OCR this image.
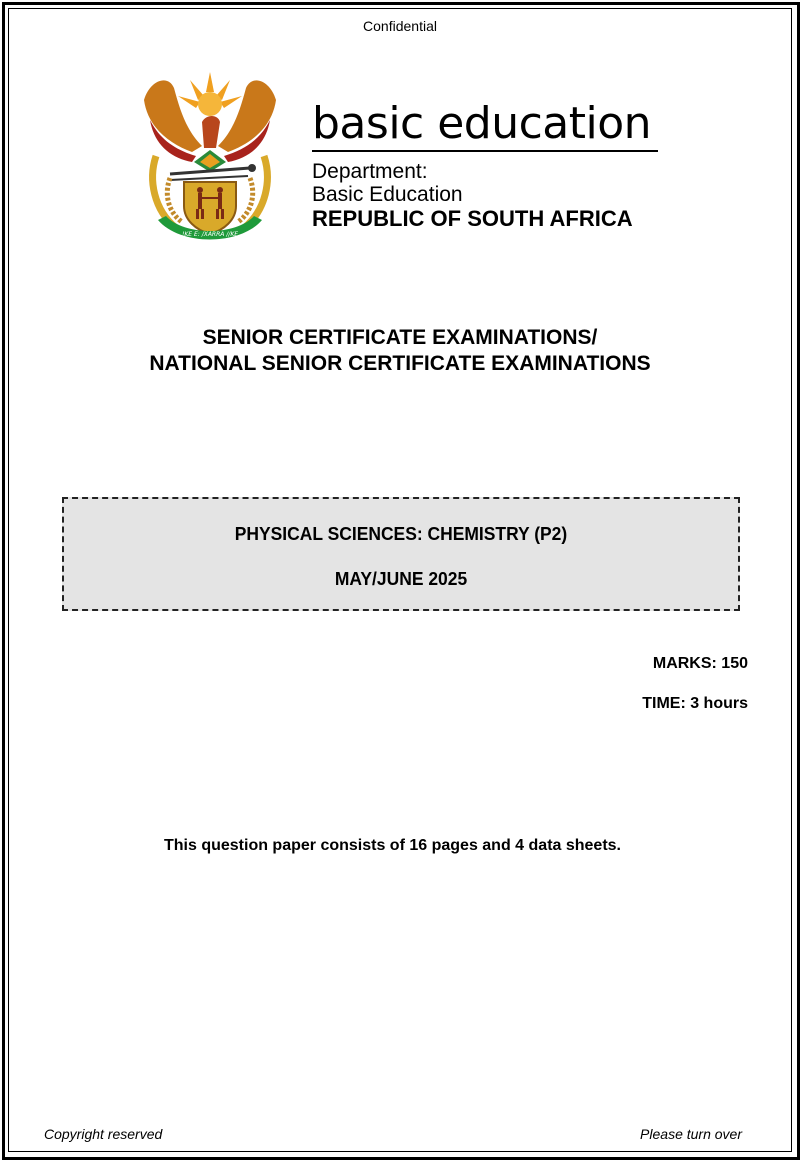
Confidential
!KE E: /XARRA //KE
basic education
Department:
Basic Education
REPUBLIC OF SOUTH AFRICA
SENIOR CERTIFICATE EXAMINATIONS/
NATIONAL SENIOR CERTIFICATE EXAMINATIONS
PHYSICAL SCIENCES: CHEMISTRY (P2)
MAY/JUNE 2025
MARKS: 150
TIME: 3 hours
This question paper consists of 16 pages and 4 data sheets.
Copyright reserved	Please turn over
